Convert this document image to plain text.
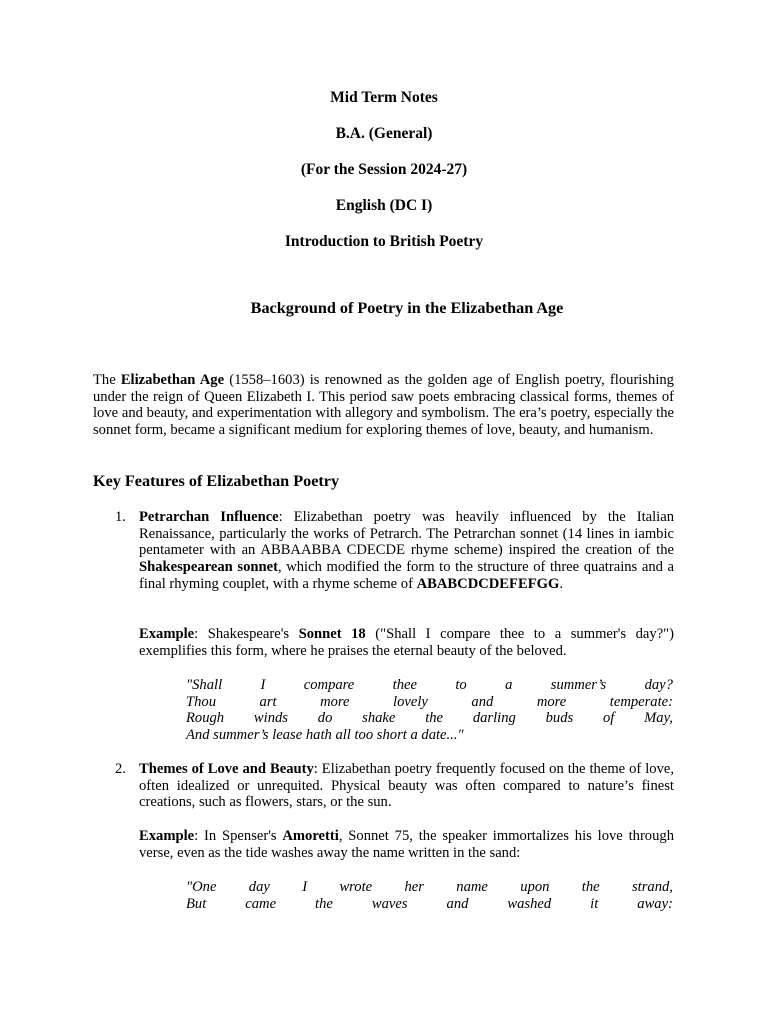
Mid Term Notes
B.A. (General)
(For the Session 2024-27)
English (DC I)
Introduction to British Poetry
Background of Poetry in the Elizabethan Age
The Elizabethan Age (1558–1603) is renowned as the golden age of English poetry, flourishing under the reign of Queen Elizabeth I. This period saw poets embracing classical forms, themes of love and beauty, and experimentation with allegory and symbolism. The era’s poetry, especially the sonnet form, became a significant medium for exploring themes of love, beauty, and humanism.
Key Features of Elizabethan Poetry
1. Petrarchan Influence: Elizabethan poetry was heavily influenced by the Italian Renaissance, particularly the works of Petrarch. The Petrarchan sonnet (14 lines in iambic pentameter with an ABBAABBA CDECDE rhyme scheme) inspired the creation of the Shakespearean sonnet, which modified the form to the structure of three quatrains and a final rhyming couplet, with a rhyme scheme of ABABCDCDEFEFGG.
Example: Shakespeare's Sonnet 18 ("Shall I compare thee to a summer's day?") exemplifies this form, where he praises the eternal beauty of the beloved.
"Shall	I	compare	thee	to	a	summer’s	day?
Thou	art	more	lovely	and	more	temperate:
Rough winds do shake the darling buds of May,
And summer’s lease hath all too short a date..."
2. Themes of Love and Beauty: Elizabethan poetry frequently focused on the theme of love, often idealized or unrequited. Physical beauty was often compared to nature’s finest creations, such as flowers, stars, or the sun.
Example: In Spenser's Amoretti, Sonnet 75, the speaker immortalizes his love through verse, even as the tide washes away the name written in the sand:
"One day I wrote her name upon the strand,
But	came	the	waves	and	washed	it	away:
